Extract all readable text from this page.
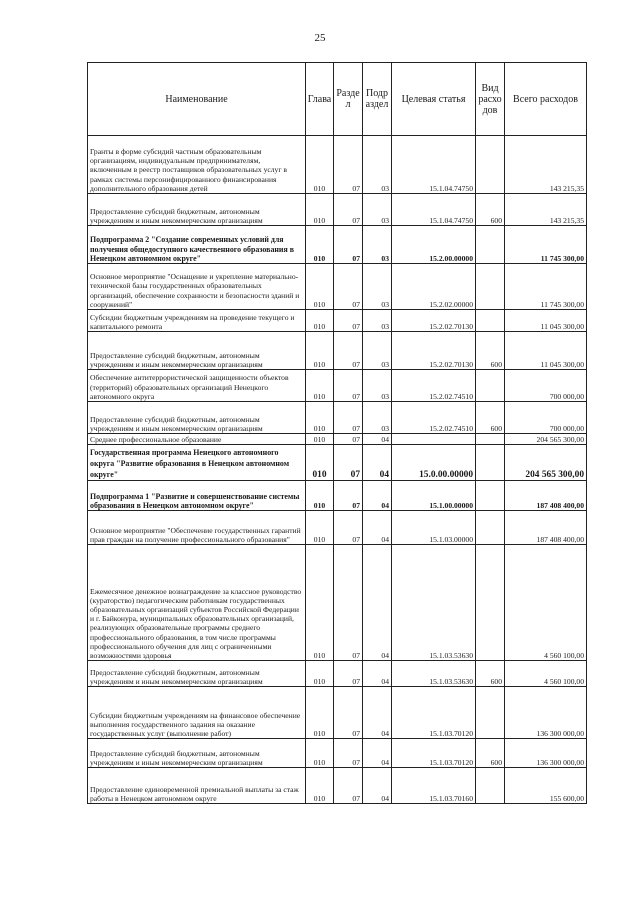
25
Наименование	Глава	Разде л	Подр аздел	Целевая статья	Вид расхо дов	Всего расходов
Гранты в форме субсидий частным образовательным организациям, индивидуальным предпринимателям, включенным в реестр поставщиков образовательных услуг в рамках системы персонифицированного финансирования дополнительного образования детей	010	07	03	15.1.04.74750		143 215,35
Предоставление субсидий бюджетным, автономным учреждениям и иным некоммерческим организациям	010	07	03	15.1.04.74750	600	143 215,35
Подпрограмма 2 "Создание современных условий для получения общедоступного качественного образования в Ненецком автономном округе"	010	07	03	15.2.00.00000		11 745 300,00
Основное мероприятие "Оснащение и укрепление материально-технической базы государственных образовательных организаций, обеспечение сохранности и безопасности зданий и сооружений"	010	07	03	15.2.02.00000		11 745 300,00
Субсидии бюджетным учреждениям на проведение текущего и капитального ремонта	010	07	03	15.2.02.70130		11 045 300,00
Предоставление субсидий бюджетным, автономным учреждениям и иным некоммерческим организациям	010	07	03	15.2.02.70130	600	11 045 300,00
Обеспечение антитеррористической защищенности объектов (территорий) образовательных организаций Ненецкого автономного округа	010	07	03	15.2.02.74510		700 000,00
Предоставление субсидий бюджетным, автономным учреждениям и иным некоммерческим организациям	010	07	03	15.2.02.74510	600	700 000,00
Среднее профессиональное образование	010	07	04			204 565 300,00
Государственная программа Ненецкого автономного округа "Развитие образования в Ненецком автономном округе"	010	07	04	15.0.00.00000		204 565 300,00
Подпрограмма 1 "Развитие и совершенствование системы образования в Ненецком автономном округе"	010	07	04	15.1.00.00000		187 408 400,00
Основное мероприятие "Обеспечение государственных гарантий прав граждан на получение профессионального образования"	010	07	04	15.1.03.00000		187 408 400,00
Ежемесячное денежное вознаграждение за классное руководство (кураторство) педагогическим работникам государственных образовательных организаций субъектов Российской Федерации и г. Байконура, муниципальных образовательных организаций, реализующих образовательные программы среднего профессионального образования, в том числе программы профессионального обучения для лиц с ограниченными возможностями здоровья	010	07	04	15.1.03.53630		4 560 100,00
Предоставление субсидий бюджетным, автономным учреждениям и иным некоммерческим организациям	010	07	04	15.1.03.53630	600	4 560 100,00
Субсидии бюджетным учреждениям на финансовое обеспечение выполнения государственного задания на оказание государственных услуг (выполнение работ)	010	07	04	15.1.03.70120		136 300 000,00
Предоставление субсидий бюджетным, автономным учреждениям и иным некоммерческим организациям	010	07	04	15.1.03.70120	600	136 300 000,00
Предоставление единовременной премиальной выплаты за стаж работы в Ненецком автономном округе	010	07	04	15.1.03.70160		155 600,00
